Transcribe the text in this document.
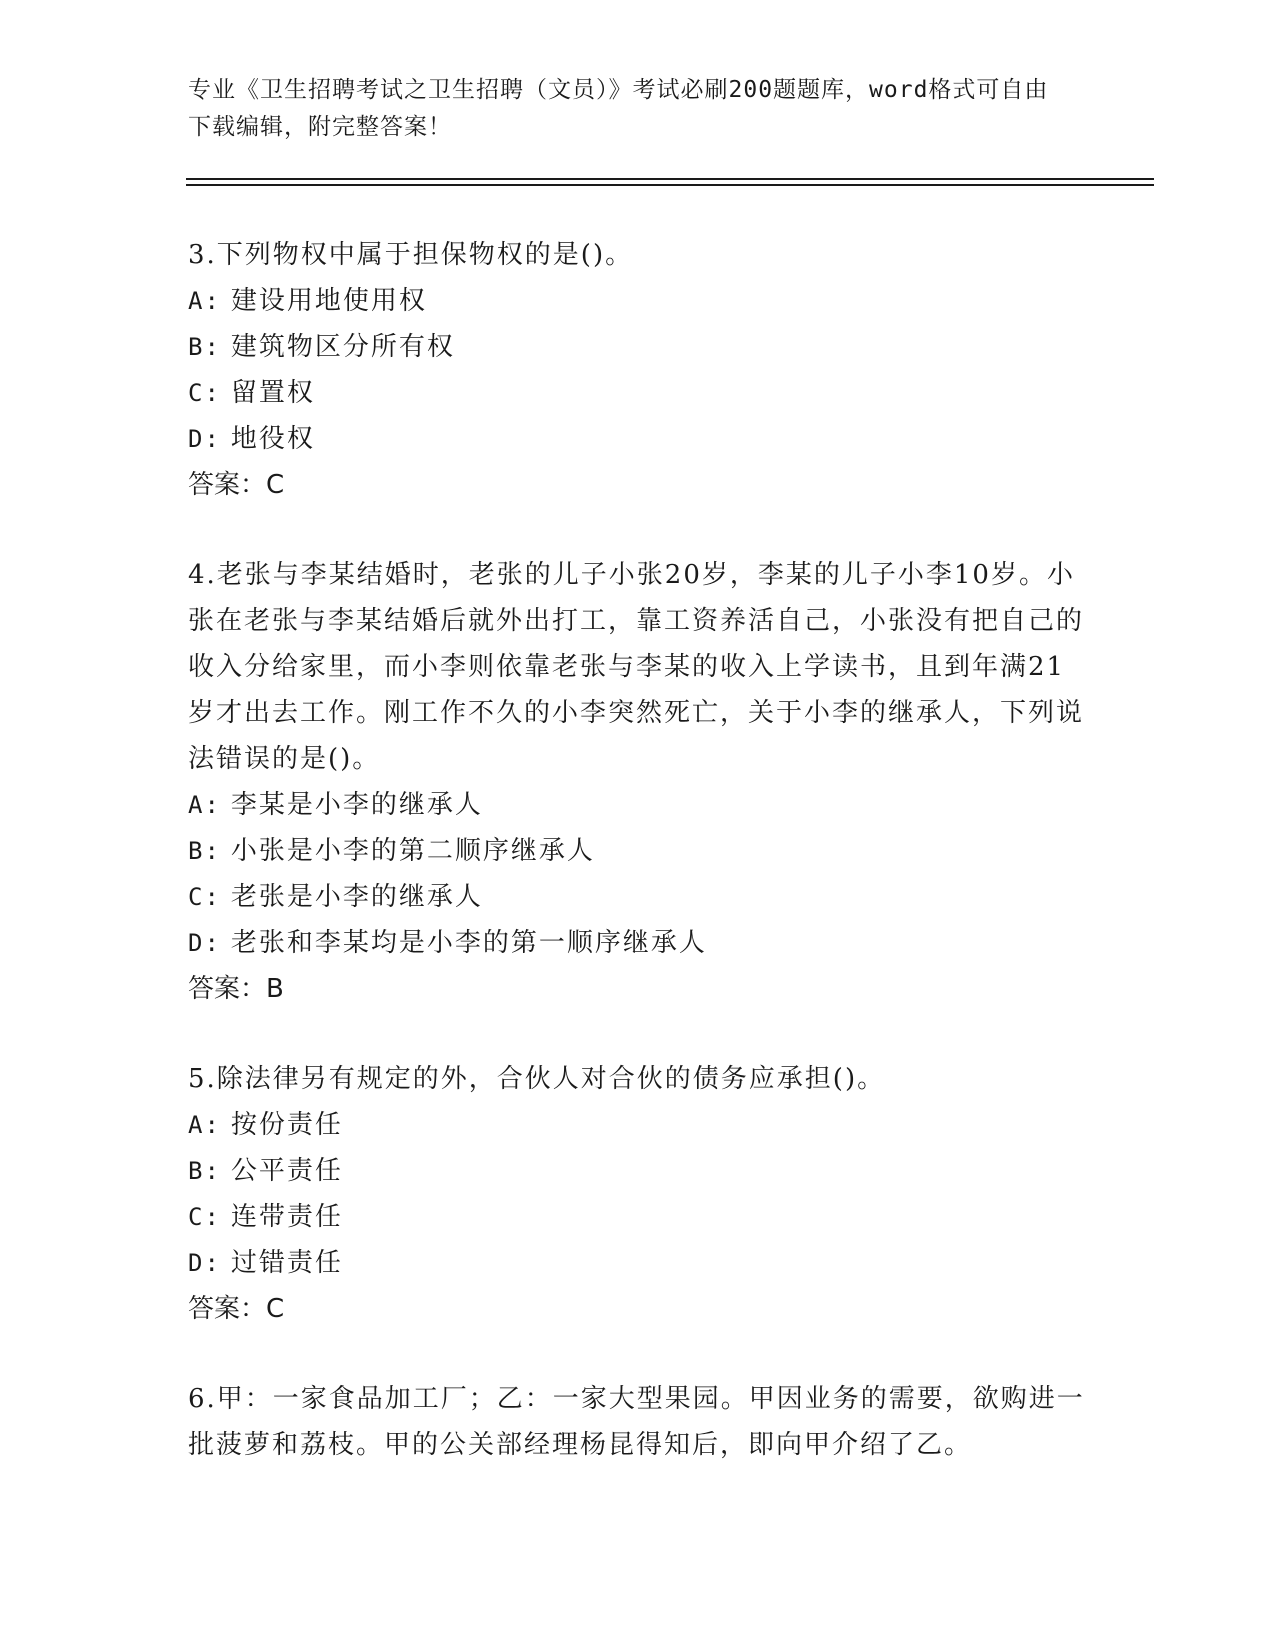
专业《卫生招聘考试之卫生招聘（文员）》考试必刷200题题库，word格式可自由下载编辑，附完整答案！
3.下列物权中属于担保物权的是()。
A: 建设用地使用权
B: 建筑物区分所有权
C: 留置权
D: 地役权
答案：C
4.老张与李某结婚时，老张的儿子小张20岁，李某的儿子小李10岁。小张在老张与李某结婚后就外出打工，靠工资养活自己，小张没有把自己的收入分给家里，而小李则依靠老张与李某的收入上学读书，且到年满21岁才出去工作。刚工作不久的小李突然死亡，关于小李的继承人，下列说法错误的是()。
A: 李某是小李的继承人
B: 小张是小李的第二顺序继承人
C: 老张是小李的继承人
D: 老张和李某均是小李的第一顺序继承人
答案：B
5.除法律另有规定的外，合伙人对合伙的债务应承担()。
A: 按份责任
B: 公平责任
C: 连带责任
D: 过错责任
答案：C
6.甲：一家食品加工厂；乙：一家大型果园。甲因业务的需要，欲购进一批菠萝和荔枝。甲的公关部经理杨昆得知后，即向甲介绍了乙。
